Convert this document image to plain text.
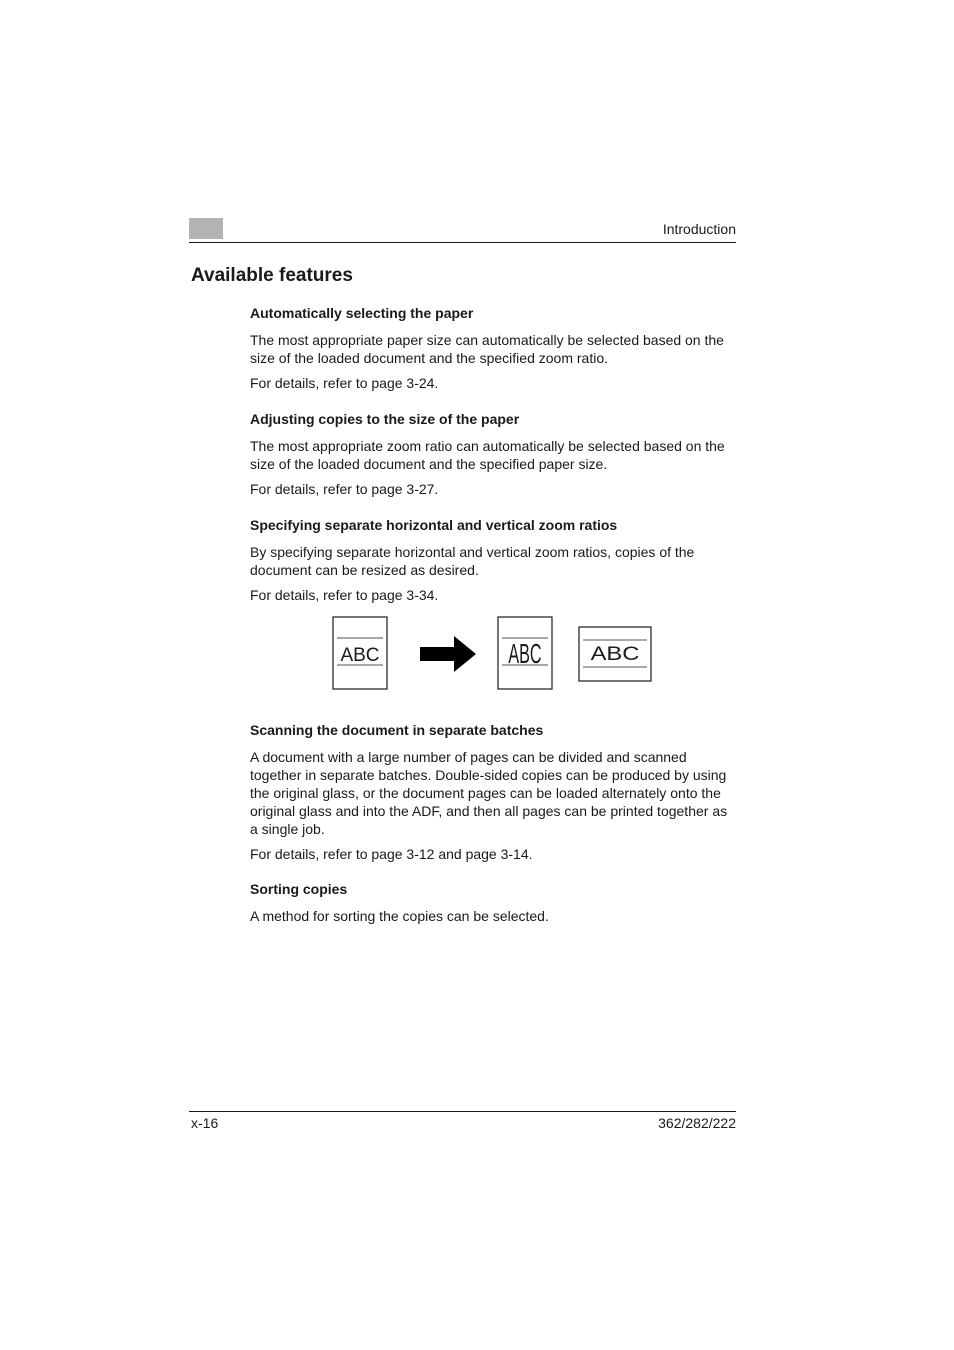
Introduction
Available features
Automatically selecting the paper
The most appropriate paper size can automatically be selected based on the size of the loaded document and the specified zoom ratio.
For details, refer to page 3-24.
Adjusting copies to the size of the paper
The most appropriate zoom ratio can automatically be selected based on the size of the loaded document and the specified paper size.
For details, refer to page 3-27.
Specifying separate horizontal and vertical zoom ratios
By specifying separate horizontal and vertical zoom ratios, copies of the document can be resized as desired.
For details, refer to page 3-34.
ABC	ABC	ABC
Scanning the document in separate batches
A document with a large number of pages can be divided and scanned together in separate batches. Double-sided copies can be produced by using the original glass, or the document pages can be loaded alternately onto the original glass and into the ADF, and then all pages can be printed together as a single job.
For details, refer to page 3-12 and page 3-14.
Sorting copies
A method for sorting the copies can be selected.
x-16	362/282/222
